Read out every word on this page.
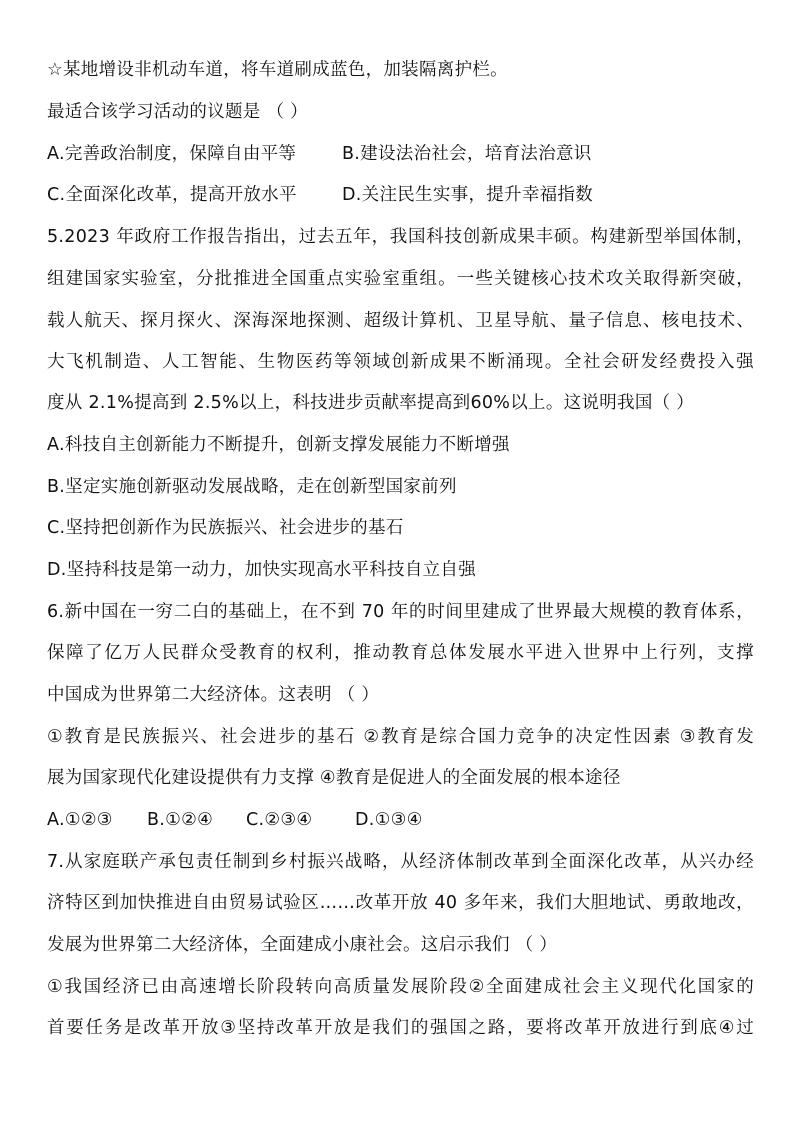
☆某地增设非机动车道，将车道刷成蓝色，加装隔离护栏。
最适合该学习活动的议题是 （ ）
A.完善政治制度，保障自由平等	B.建设法治社会，培育法治意识
C.全面深化改革，提高开放水平	D.关注民生实事，提升幸福指数
5.2023 年政府工作报告指出，过去五年，我国科技创新成果丰硕。构建新型举国体制，
组建国家实验室，分批推进全国重点实验室重组。一些关键核心技术攻关取得新突破，
载人航天、探月探火、深海深地探测、超级计算机、卫星导航、量子信息、核电技术、
大飞机制造、人工智能、生物医药等领域创新成果不断涌现。全社会研发经费投入强
度从 2.1%提高到 2.5%以上，科技进步贡献率提高到60%以上。这说明我国（ ）
A.科技自主创新能力不断提升，创新支撑发展能力不断增强
B.坚定实施创新驱动发展战略，走在创新型国家前列
C.坚持把创新作为民族振兴、社会进步的基石
D.坚持科技是第一动力，加快实现高水平科技自立自强
6.新中国在一穷二白的基础上，在不到 70 年的时间里建成了世界最大规模的教育体系，
保障了亿万人民群众受教育的权利，推动教育总体发展水平进入世界中上行列，支撑
中国成为世界第二大经济体。这表明 （ ）
①教育是民族振兴、社会进步的基石 ②教育是综合国力竞争的决定性因素 ③教育发
展为国家现代化建设提供有力支撑 ④教育是促进人的全面发展的根本途径
A.①②③ B.①②④ C.②③④ D.①③④
7.从家庭联产承包责任制到乡村振兴战略，从经济体制改革到全面深化改革，从兴办经
济特区到加快推进自由贸易试验区……改革开放 40 多年来，我们大胆地试、勇敢地改，
发展为世界第二大经济体，全面建成小康社会。这启示我们 （ ）
①我国经济已由高速增长阶段转向高质量发展阶段②全面建成社会主义现代化国家的
首要任务是改革开放③坚持改革开放是我们的强国之路，要将改革开放进行到底④过
